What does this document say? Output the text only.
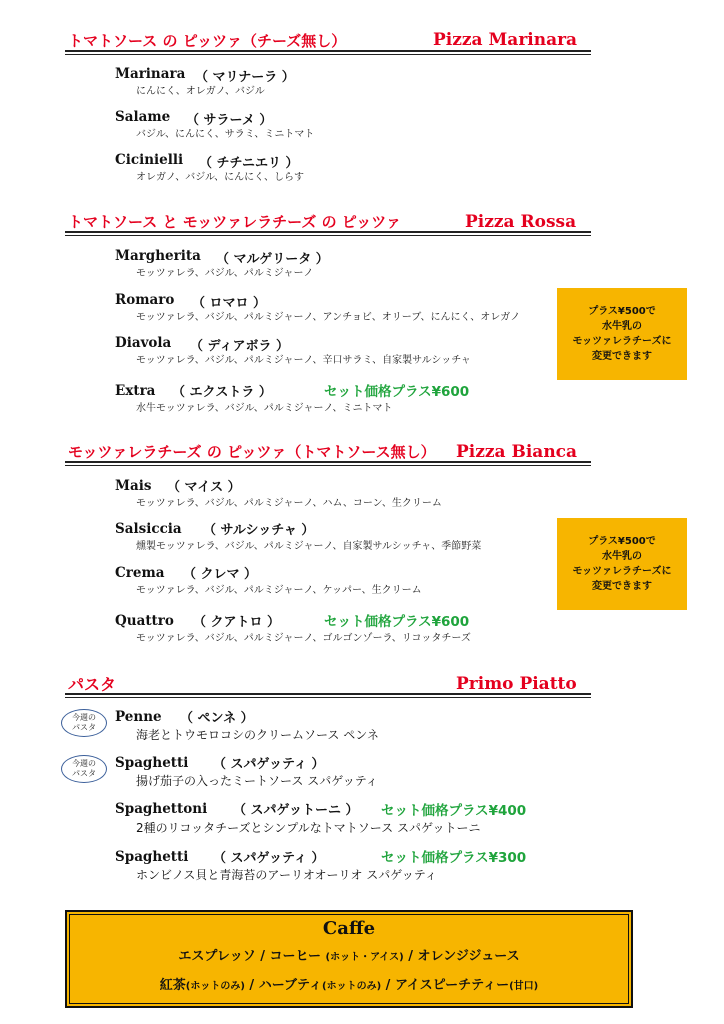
トマトソース の ピッツァ（チーズ無し）	Pizza Marinara
Marinara （ マリナーラ ）
にんにく、オレガノ、バジル
Salame （ サラーメ ）
バジル、にんにく、サラミ、ミニトマト
Cicinielli （ チチニエリ ）
オレガノ、バジル、にんにく、しらす
トマトソース と モッツァレラチーズ の ピッツァ	Pizza Rossa
Margherita （ マルゲリータ ）
モッツァレラ、バジル、パルミジャーノ
Romaro （ ロマロ ）
モッツァレラ、バジル、パルミジャーノ、アンチョビ、オリーブ、にんにく、オレガノ
Diavola （ ディアボラ ）
モッツァレラ、バジル、パルミジャーノ、辛口サラミ、自家製サルシッチャ
Extra （ エクストラ ）	セット価格プラス¥600
水牛モッツァレラ、バジル、パルミジャーノ、ミニトマト
プラス¥500で
水牛乳の
モッツァレラチーズに
変更できます
モッツァレラチーズ の ピッツァ（トマトソース無し） Pizza Bianca
Mais （ マイス ）
モッツァレラ、バジル、パルミジャーノ、ハム、コーン、生クリーム
Salsiccia （ サルシッチャ ）
燻製モッツァレラ、バジル、パルミジャーノ、自家製サルシッチャ、季節野菜
Crema （ クレマ ）
モッツァレラ、バジル、パルミジャーノ、ケッパー、生クリーム
Quattro （ クアトロ ）	セット価格プラス¥600
モッツァレラ、バジル、パルミジャーノ、ゴルゴンゾーラ、リコッタチーズ
プラス¥500で
水牛乳の
モッツァレラチーズに
変更できます
パスタ	Primo Piatto
今週の
パスタ
Penne （ ペンネ ）
海老とトウモロコシのクリームソース ペンネ
今週の
パスタ
Spaghetti （ スパゲッティ ）
揚げ茄子の入ったミートソース スパゲッティ
Spaghettoni （ スパゲットーニ ） セット価格プラス¥400
2種のリコッタチーズとシンプルなトマトソース スパゲットーニ
Spaghetti （ スパゲッティ ）	セット価格プラス¥300
ホンビノス貝と青海苔のアーリオオーリオ スパゲッティ
Caffe
エスプレッソ / コーヒー (ホット・アイス) / オレンジジュース
紅茶(ホットのみ) / ハーブティ(ホットのみ) / アイスピーチティー(甘口)
